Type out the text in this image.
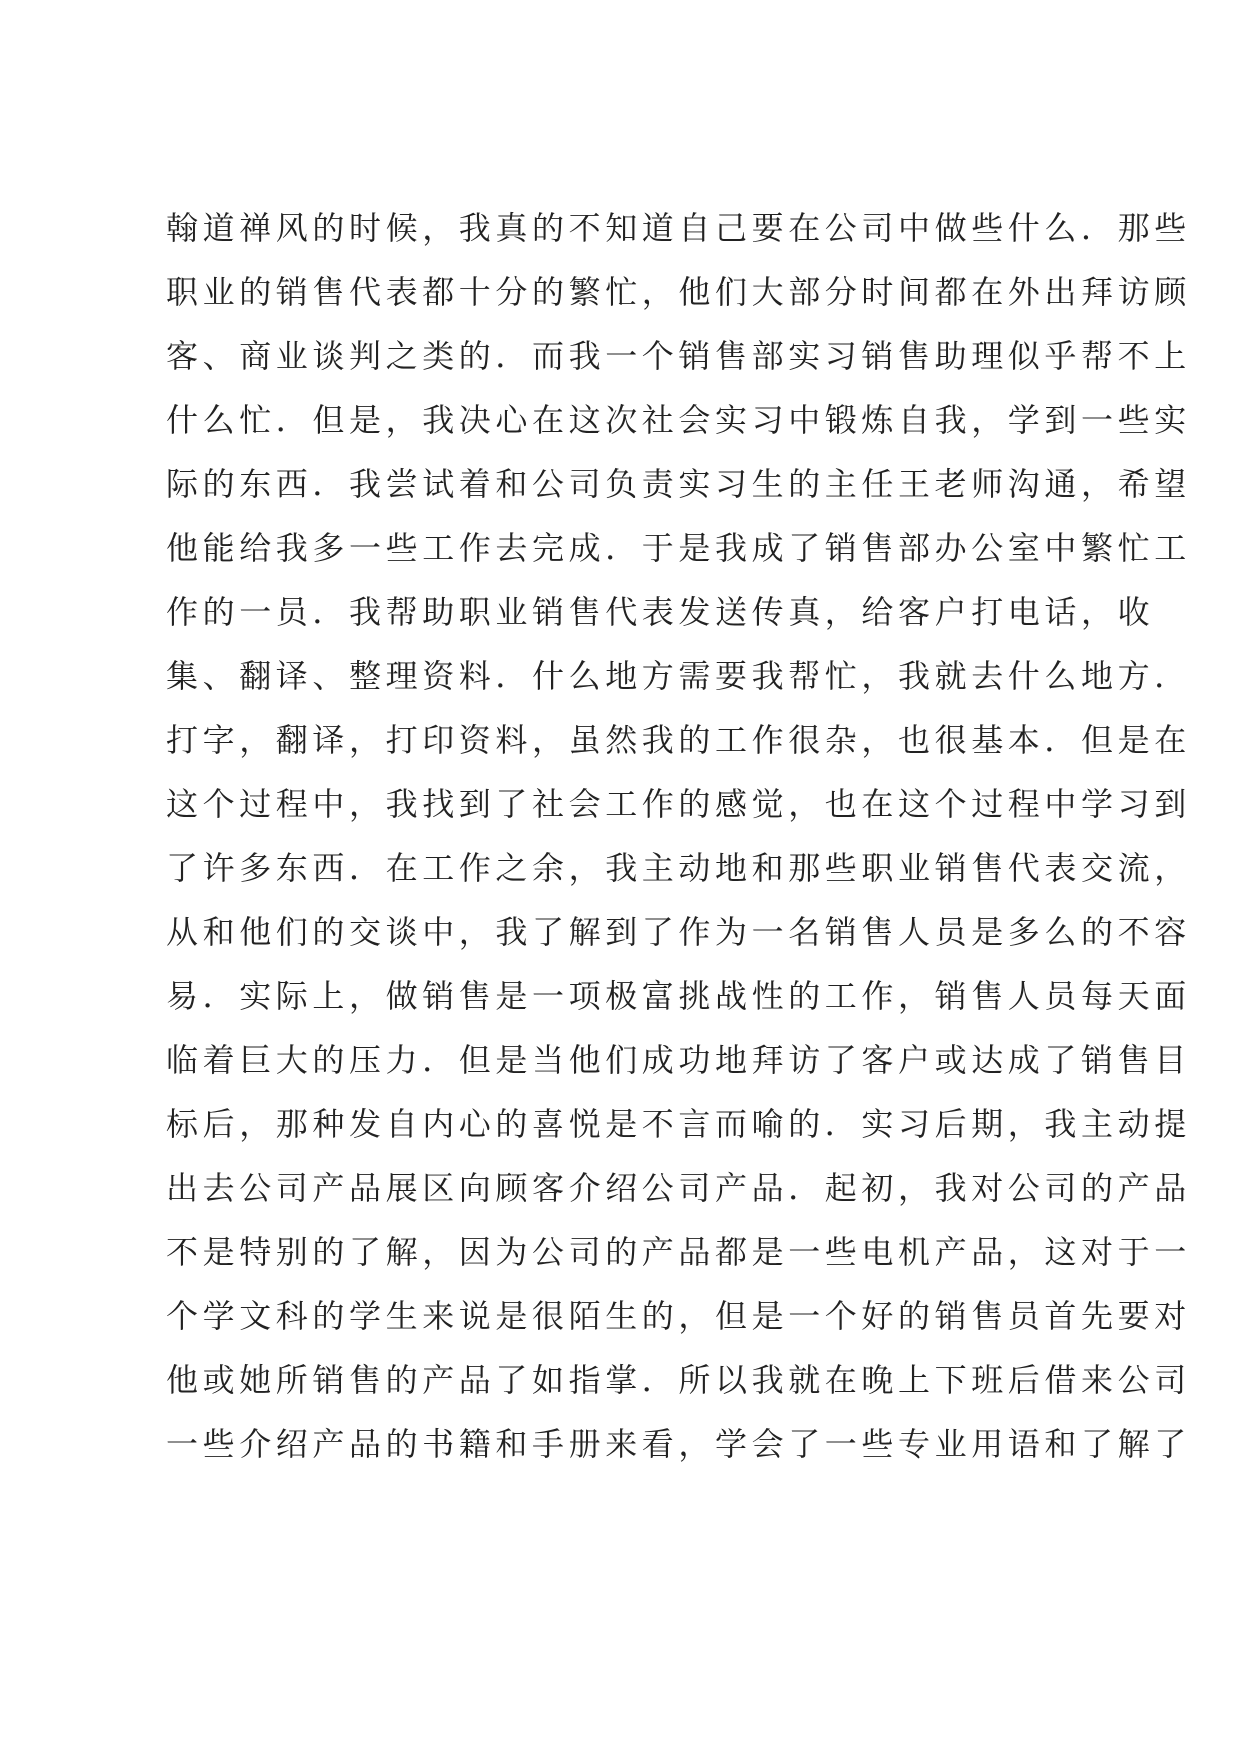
翰道禅风的时候，我真的不知道自己要在公司中做些什么．那些
职业的销售代表都十分的繁忙，他们大部分时间都在外出拜访顾
客、商业谈判之类的．而我一个销售部实习销售助理似乎帮不上
什么忙．但是，我决心在这次社会实习中锻炼自我，学到一些实
际的东西．我尝试着和公司负责实习生的主任王老师沟通，希望
他能给我多一些工作去完成．于是我成了销售部办公室中繁忙工
作的一员．我帮助职业销售代表发送传真，给客户打电话，收
集、翻译、整理资料．什么地方需要我帮忙，我就去什么地方．
打字，翻译，打印资料，虽然我的工作很杂，也很基本．但是在
这个过程中，我找到了社会工作的感觉，也在这个过程中学习到
了许多东西．在工作之余，我主动地和那些职业销售代表交流，
从和他们的交谈中，我了解到了作为一名销售人员是多么的不容
易．实际上，做销售是一项极富挑战性的工作，销售人员每天面
临着巨大的压力．但是当他们成功地拜访了客户或达成了销售目
标后，那种发自内心的喜悦是不言而喻的．实习后期，我主动提
出去公司产品展区向顾客介绍公司产品．起初，我对公司的产品
不是特别的了解，因为公司的产品都是一些电机产品，这对于一
个学文科的学生来说是很陌生的，但是一个好的销售员首先要对
他或她所销售的产品了如指掌．所以我就在晚上下班后借来公司
一些介绍产品的书籍和手册来看，学会了一些专业用语和了解了
